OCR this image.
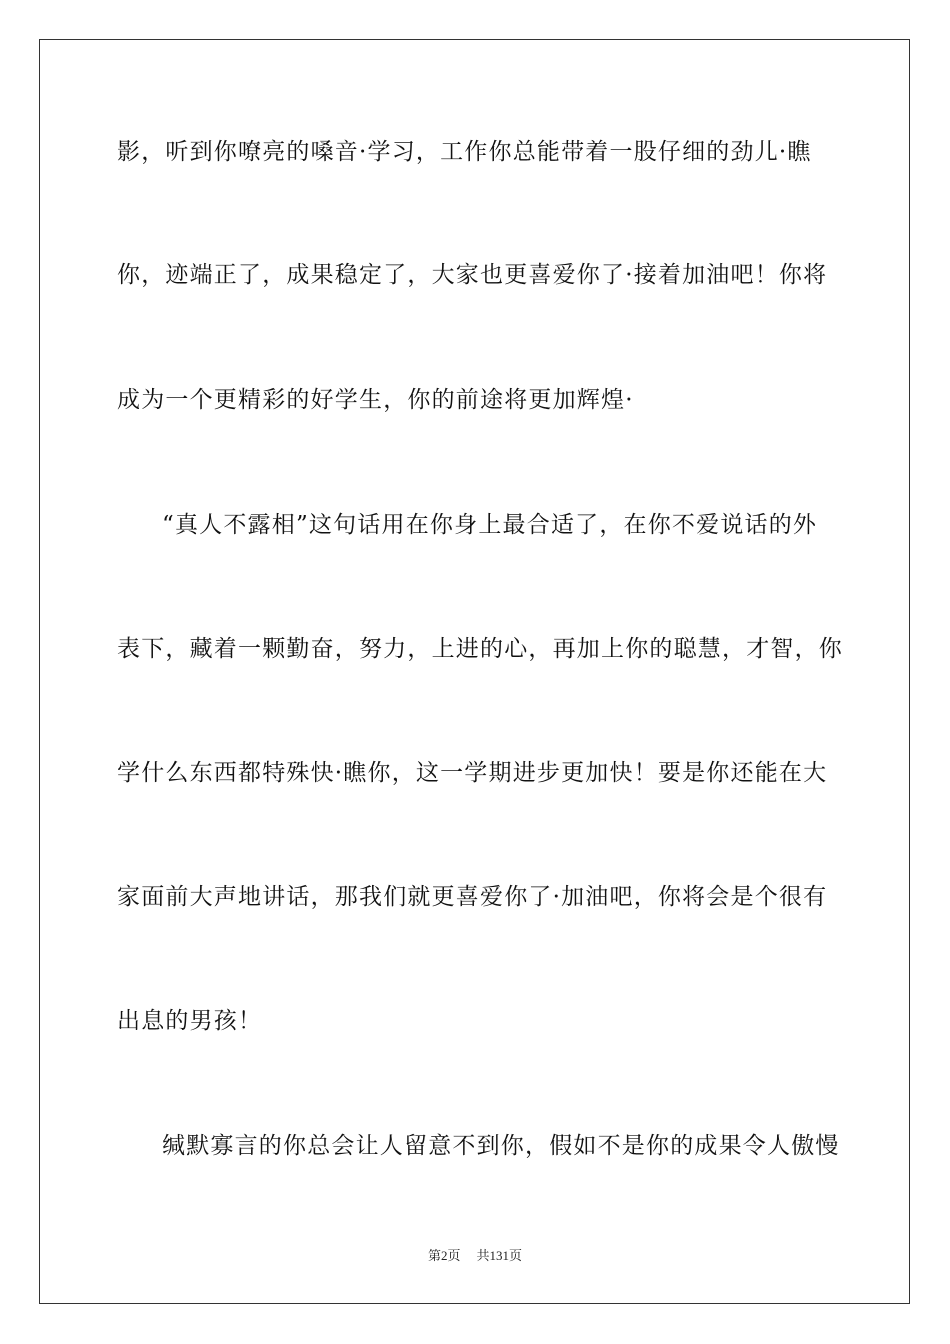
影，听到你嘹亮的嗓音·学习，工作你总能带着一股仔细的劲儿·瞧
你，迹端正了，成果稳定了，大家也更喜爱你了·接着加油吧！你将
成为一个更精彩的好学生，你的前途将更加辉煌·
“真人不露相”这句话用在你身上最合适了，在你不爱说话的外
表下，藏着一颗勤奋，努力，上进的心，再加上你的聪慧，才智，你
学什么东西都特殊快·瞧你，这一学期进步更加快！要是你还能在大
家面前大声地讲话，那我们就更喜爱你了·加油吧，你将会是个很有
出息的男孩！
缄默寡言的你总会让人留意不到你，假如不是你的成果令人傲慢
第2页 共131页
